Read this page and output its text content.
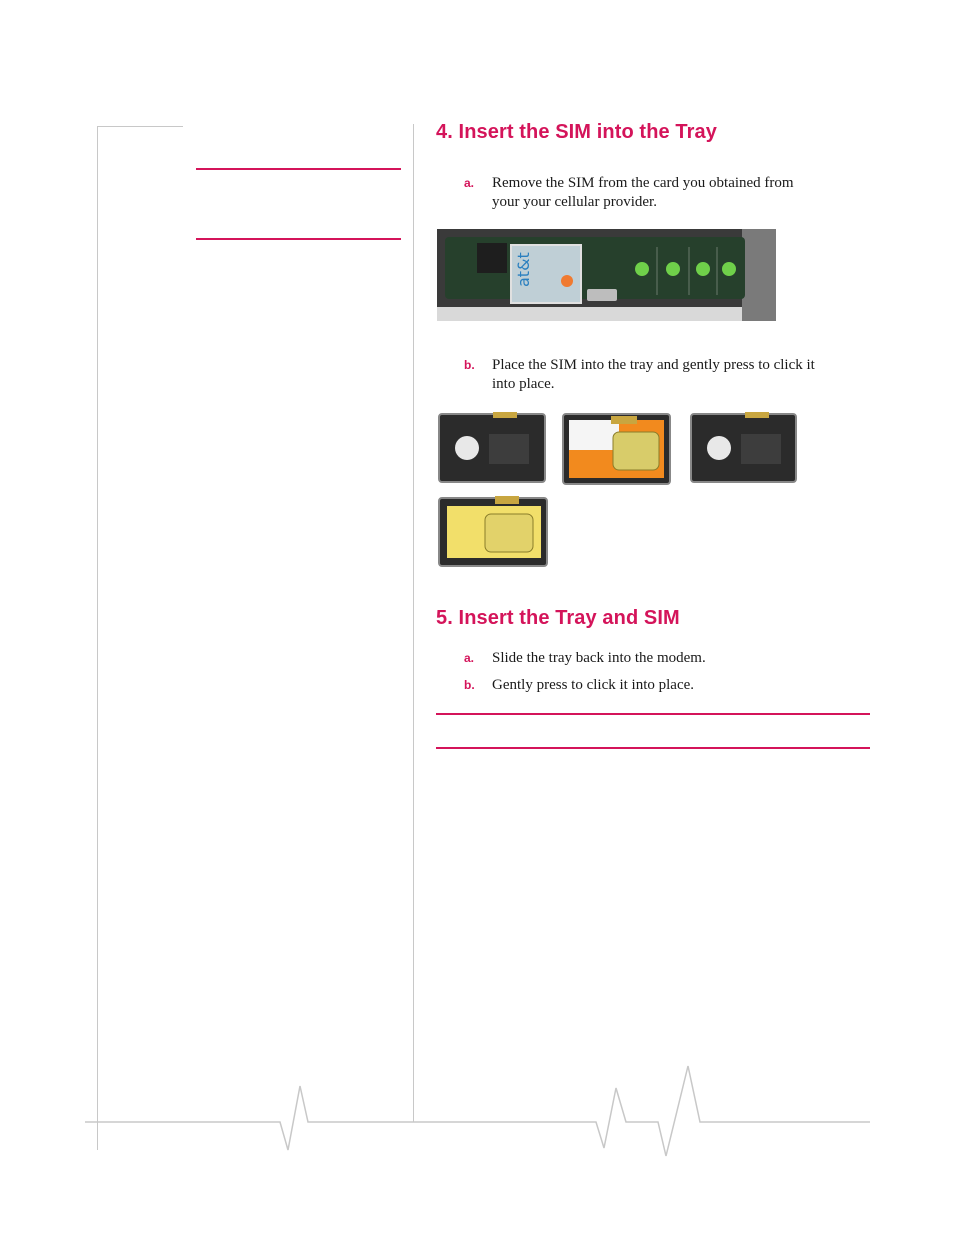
4. Insert the SIM into the Tray
a. Remove the SIM from the card you obtained from
your your cellular provider.
at&t
b. Place the SIM into the tray and gently press to click it
into place.
5. Insert the Tray and SIM
a. Slide the tray back into the modem.
b. Gently press to click it into place.
